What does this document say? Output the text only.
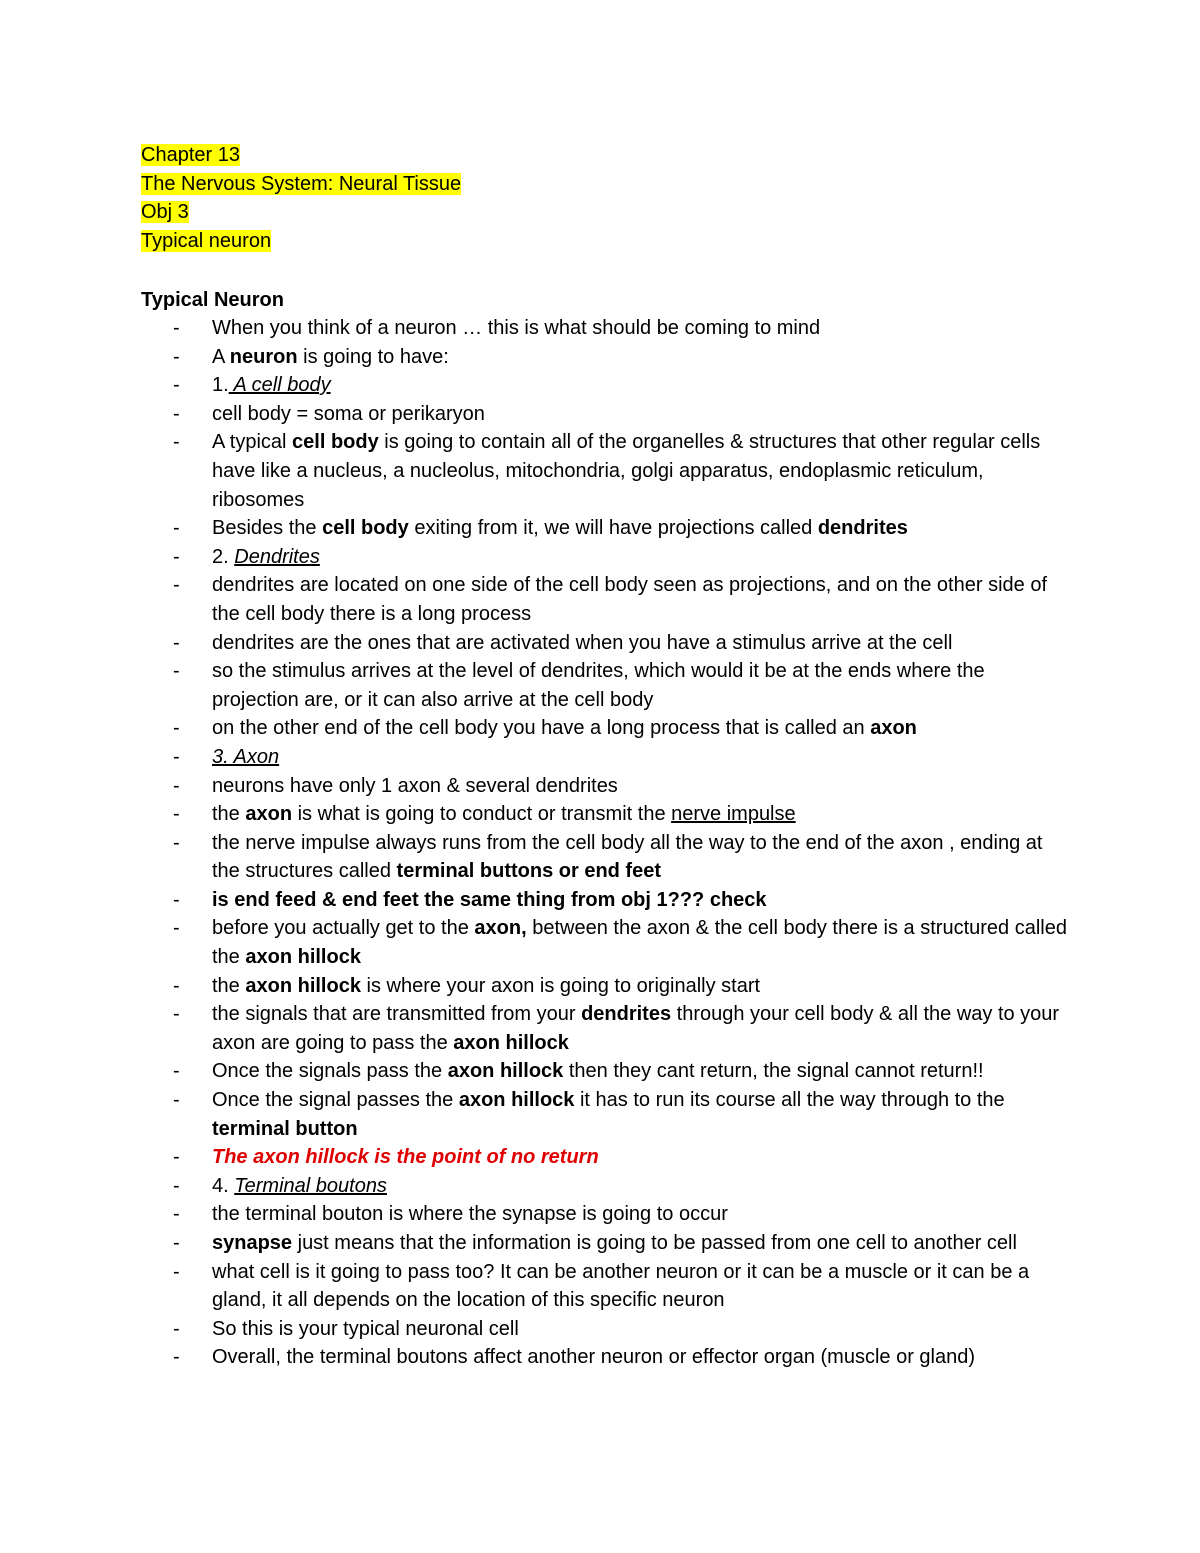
Chapter 13
The Nervous System: Neural Tissue
Obj 3
Typical neuron
Typical Neuron
- When you think of a neuron … this is what should be coming to mind
- A neuron is going to have:
- 1. A cell body
- cell body = soma or perikaryon
- A typical cell body is going to contain all of the organelles & structures that other regular cells have like a nucleus, a nucleolus, mitochondria, golgi apparatus, endoplasmic reticulum, ribosomes
- Besides the cell body exiting from it, we will have projections called dendrites
- 2. Dendrites
- dendrites are located on one side of the cell body seen as projections, and on the other side of the cell body there is a long process
- dendrites are the ones that are activated when you have a stimulus arrive at the cell
- so the stimulus arrives at the level of dendrites, which would it be at the ends where the projection are, or it can also arrive at the cell body
- on the other end of the cell body you have a long process that is called an axon
- 3. Axon
- neurons have only 1 axon & several dendrites
- the axon is what is going to conduct or transmit the nerve impulse
- the nerve impulse always runs from the cell body all the way to the end of the axon , ending at the structures called terminal buttons or end feet
- is end feed & end feet the same thing from obj 1??? check
- before you actually get to the axon, between the axon & the cell body there is a structured called the axon hillock
- the axon hillock is where your axon is going to originally start
- the signals that are transmitted from your dendrites through your cell body & all the way to your axon are going to pass the axon hillock
- Once the signals pass the axon hillock then they cant return, the signal cannot return!!
- Once the signal passes the axon hillock it has to run its course all the way through to the terminal button
- The axon hillock is the point of no return
- 4. Terminal boutons
- the terminal bouton is where the synapse is going to occur
- synapse just means that the information is going to be passed from one cell to another cell
- what cell is it going to pass too? It can be another neuron or it can be a muscle or it can be a gland, it all depends on the location of this specific neuron
- So this is your typical neuronal cell
- Overall, the terminal boutons affect another neuron or effector organ (muscle or gland)
